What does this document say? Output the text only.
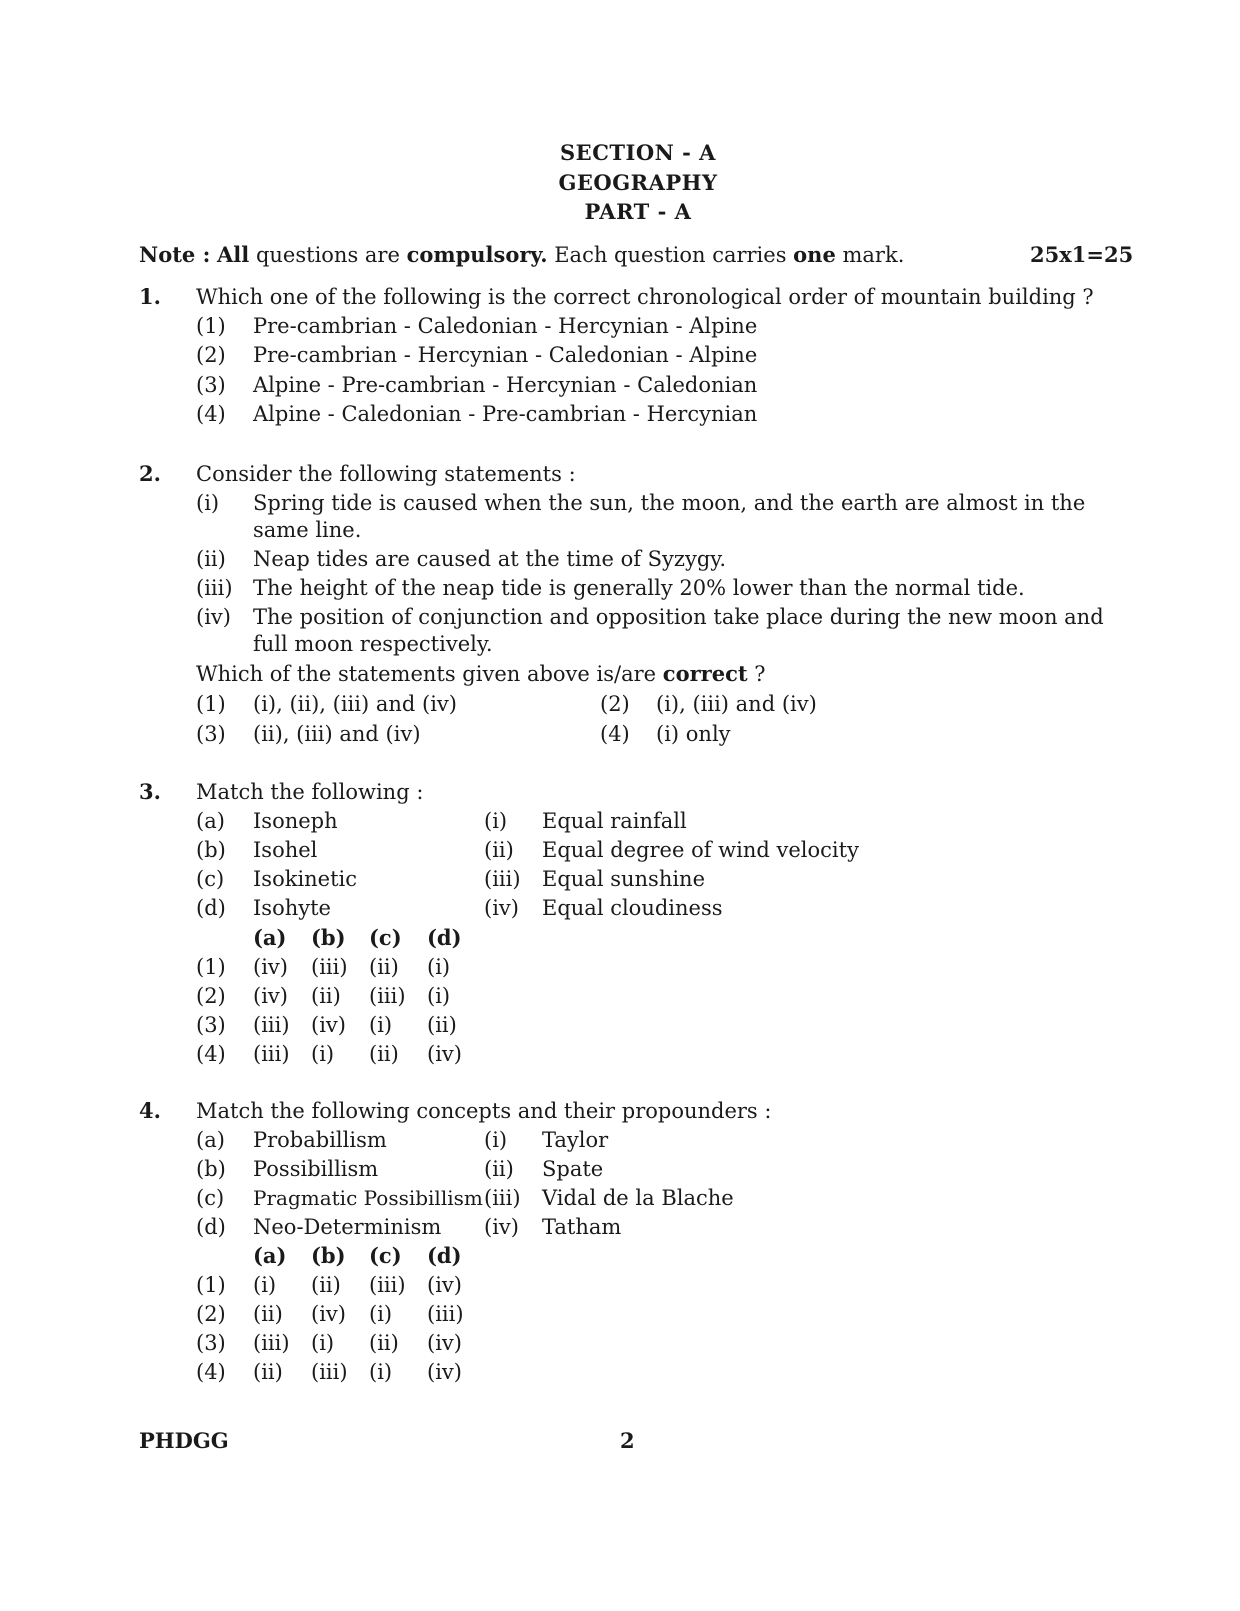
SECTION - A
GEOGRAPHY
PART - A
Note : All questions are compulsory. Each question carries one mark.	25x1=25
1. Which one of the following is the correct chronological order of mountain building ?
(1) Pre-cambrian - Caledonian - Hercynian - Alpine
(2) Pre-cambrian - Hercynian - Caledonian - Alpine
(3) Alpine - Pre-cambrian - Hercynian - Caledonian
(4) Alpine - Caledonian - Pre-cambrian - Hercynian
2. Consider the following statements :
(i) Spring tide is caused when the sun, the moon, and the earth are almost in the
same line.
(ii) Neap tides are caused at the time of Syzygy.
(iii) The height of the neap tide is generally 20% lower than the normal tide.
(iv) The position of conjunction and opposition take place during the new moon and
full moon respectively.
Which of the statements given above is/are correct ?
(1) (i), (ii), (iii) and (iv)	(2) (i), (iii) and (iv)
(3) (ii), (iii) and (iv)	(4) (i) only
3. Match the following :
(a) Isoneph	(i) Equal rainfall
(b) Isohel	(ii) Equal degree of wind velocity
(c) Isokinetic	(iii) Equal sunshine
(d) Isohyte	(iv) Equal cloudiness
(a) (b) (c) (d)
(1) (iv) (iii) (ii) (i)
(2) (iv) (ii) (iii) (i)
(3) (iii) (iv) (i) (ii)
(4) (iii) (i) (ii) (iv)
4. Match the following concepts and their propounders :
(a) Probabillism	(i) Taylor
(b) Possibillism	(ii) Spate
(c) Pragmatic Possibillism (iii) Vidal de la Blache
(d) Neo-Determinism (iv) Tatham
(a) (b) (c) (d)
(1) (i) (ii) (iii) (iv)
(2) (ii) (iv) (i) (iii)
(3) (iii) (i) (ii) (iv)
(4) (ii) (iii) (i) (iv)
PHDGG	2
